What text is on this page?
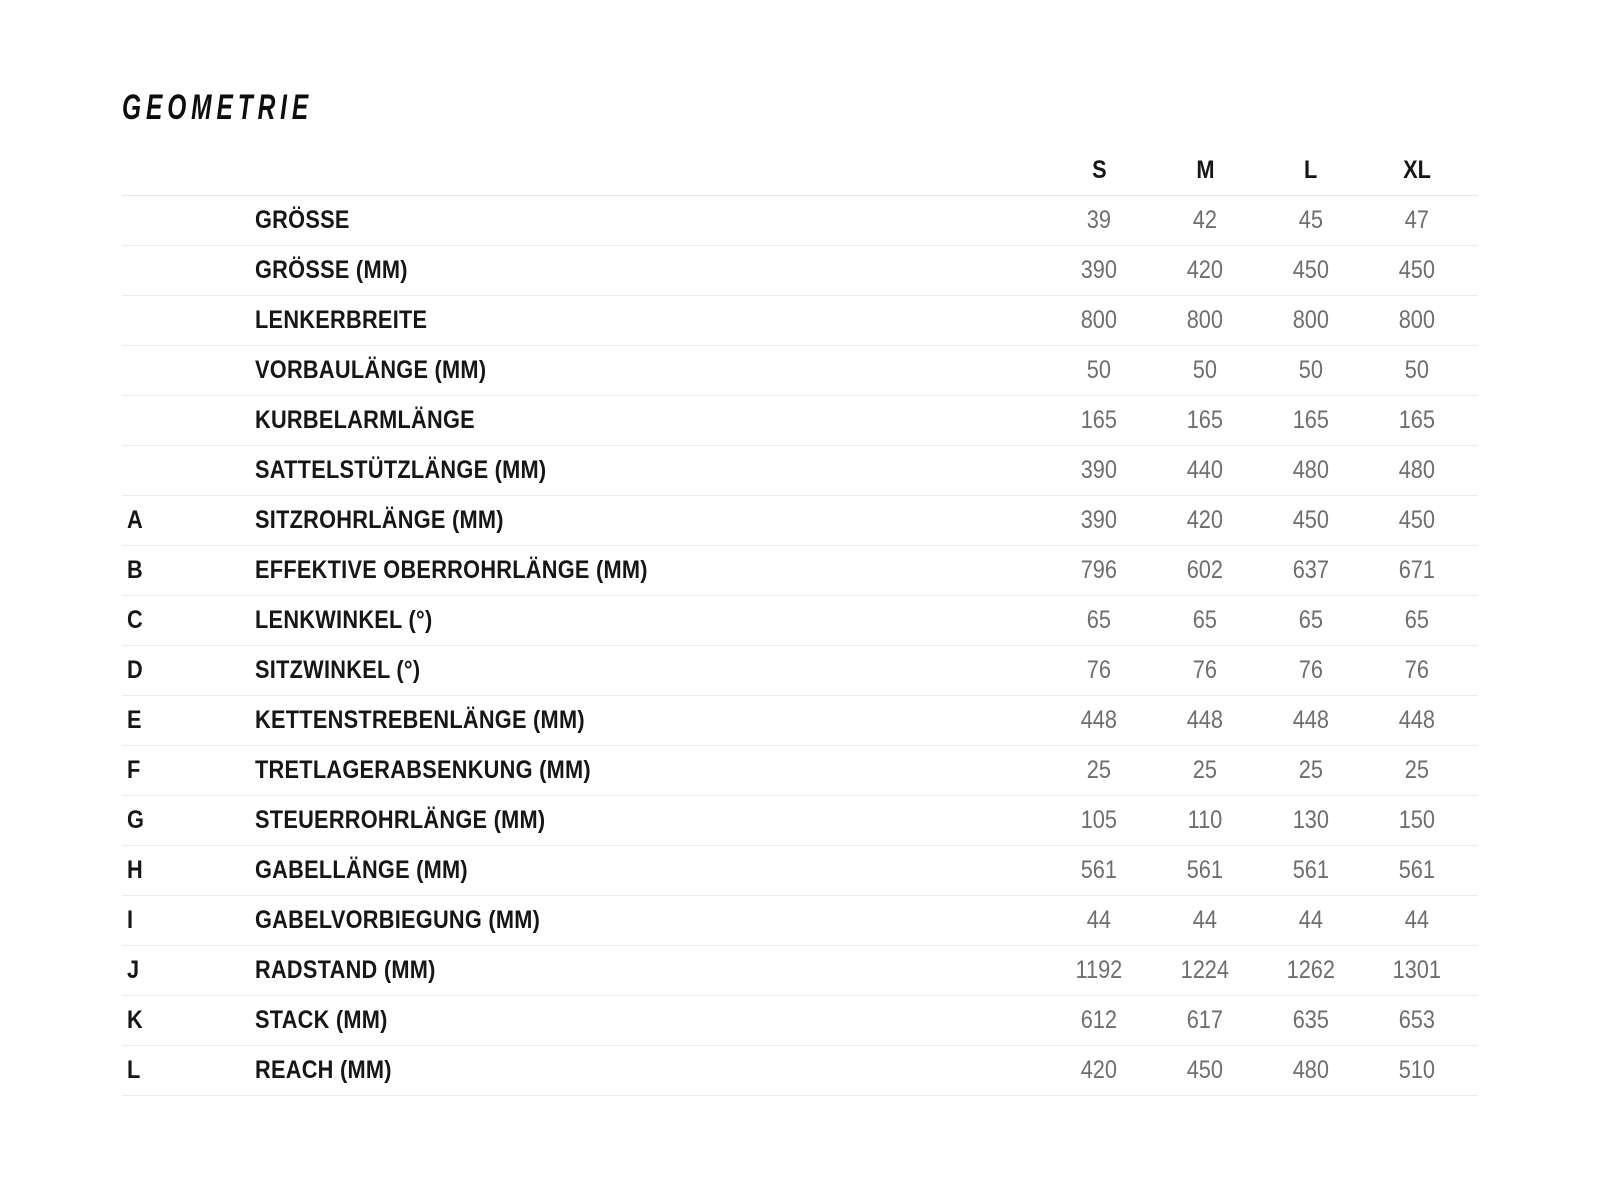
GEOMETRIE
S	M	L	XL
GRÖSSE	39	42	45	47
GRÖSSE (MM)	390	420	450	450
LENKERBREITE	800	800	800	800
VORBAULÄNGE (MM)	50	50	50	50
KURBELARMLÄNGE	165	165	165	165
SATTELSTÜTZLÄNGE (MM)	390	440	480	480
A	SITZROHRLÄNGE (MM)	390	420	450	450
B	EFFEKTIVE OBERROHRLÄNGE (MM)	796	602	637	671
C	LENKWINKEL (°)	65	65	65	65
D	SITZWINKEL (°)	76	76	76	76
E	KETTENSTREBENLÄNGE (MM)	448	448	448	448
F	TRETLAGERABSENKUNG (MM)	25	25	25	25
G	STEUERROHRLÄNGE (MM)	105	110	130	150
H	GABELLÄNGE (MM)	561	561	561	561
I	GABELVORBIEGUNG (MM)	44	44	44	44
J	RADSTAND (MM)	1192	1224	1262	1301
K	STACK (MM)	612	617	635	653
L	REACH (MM)	420	450	480	510
